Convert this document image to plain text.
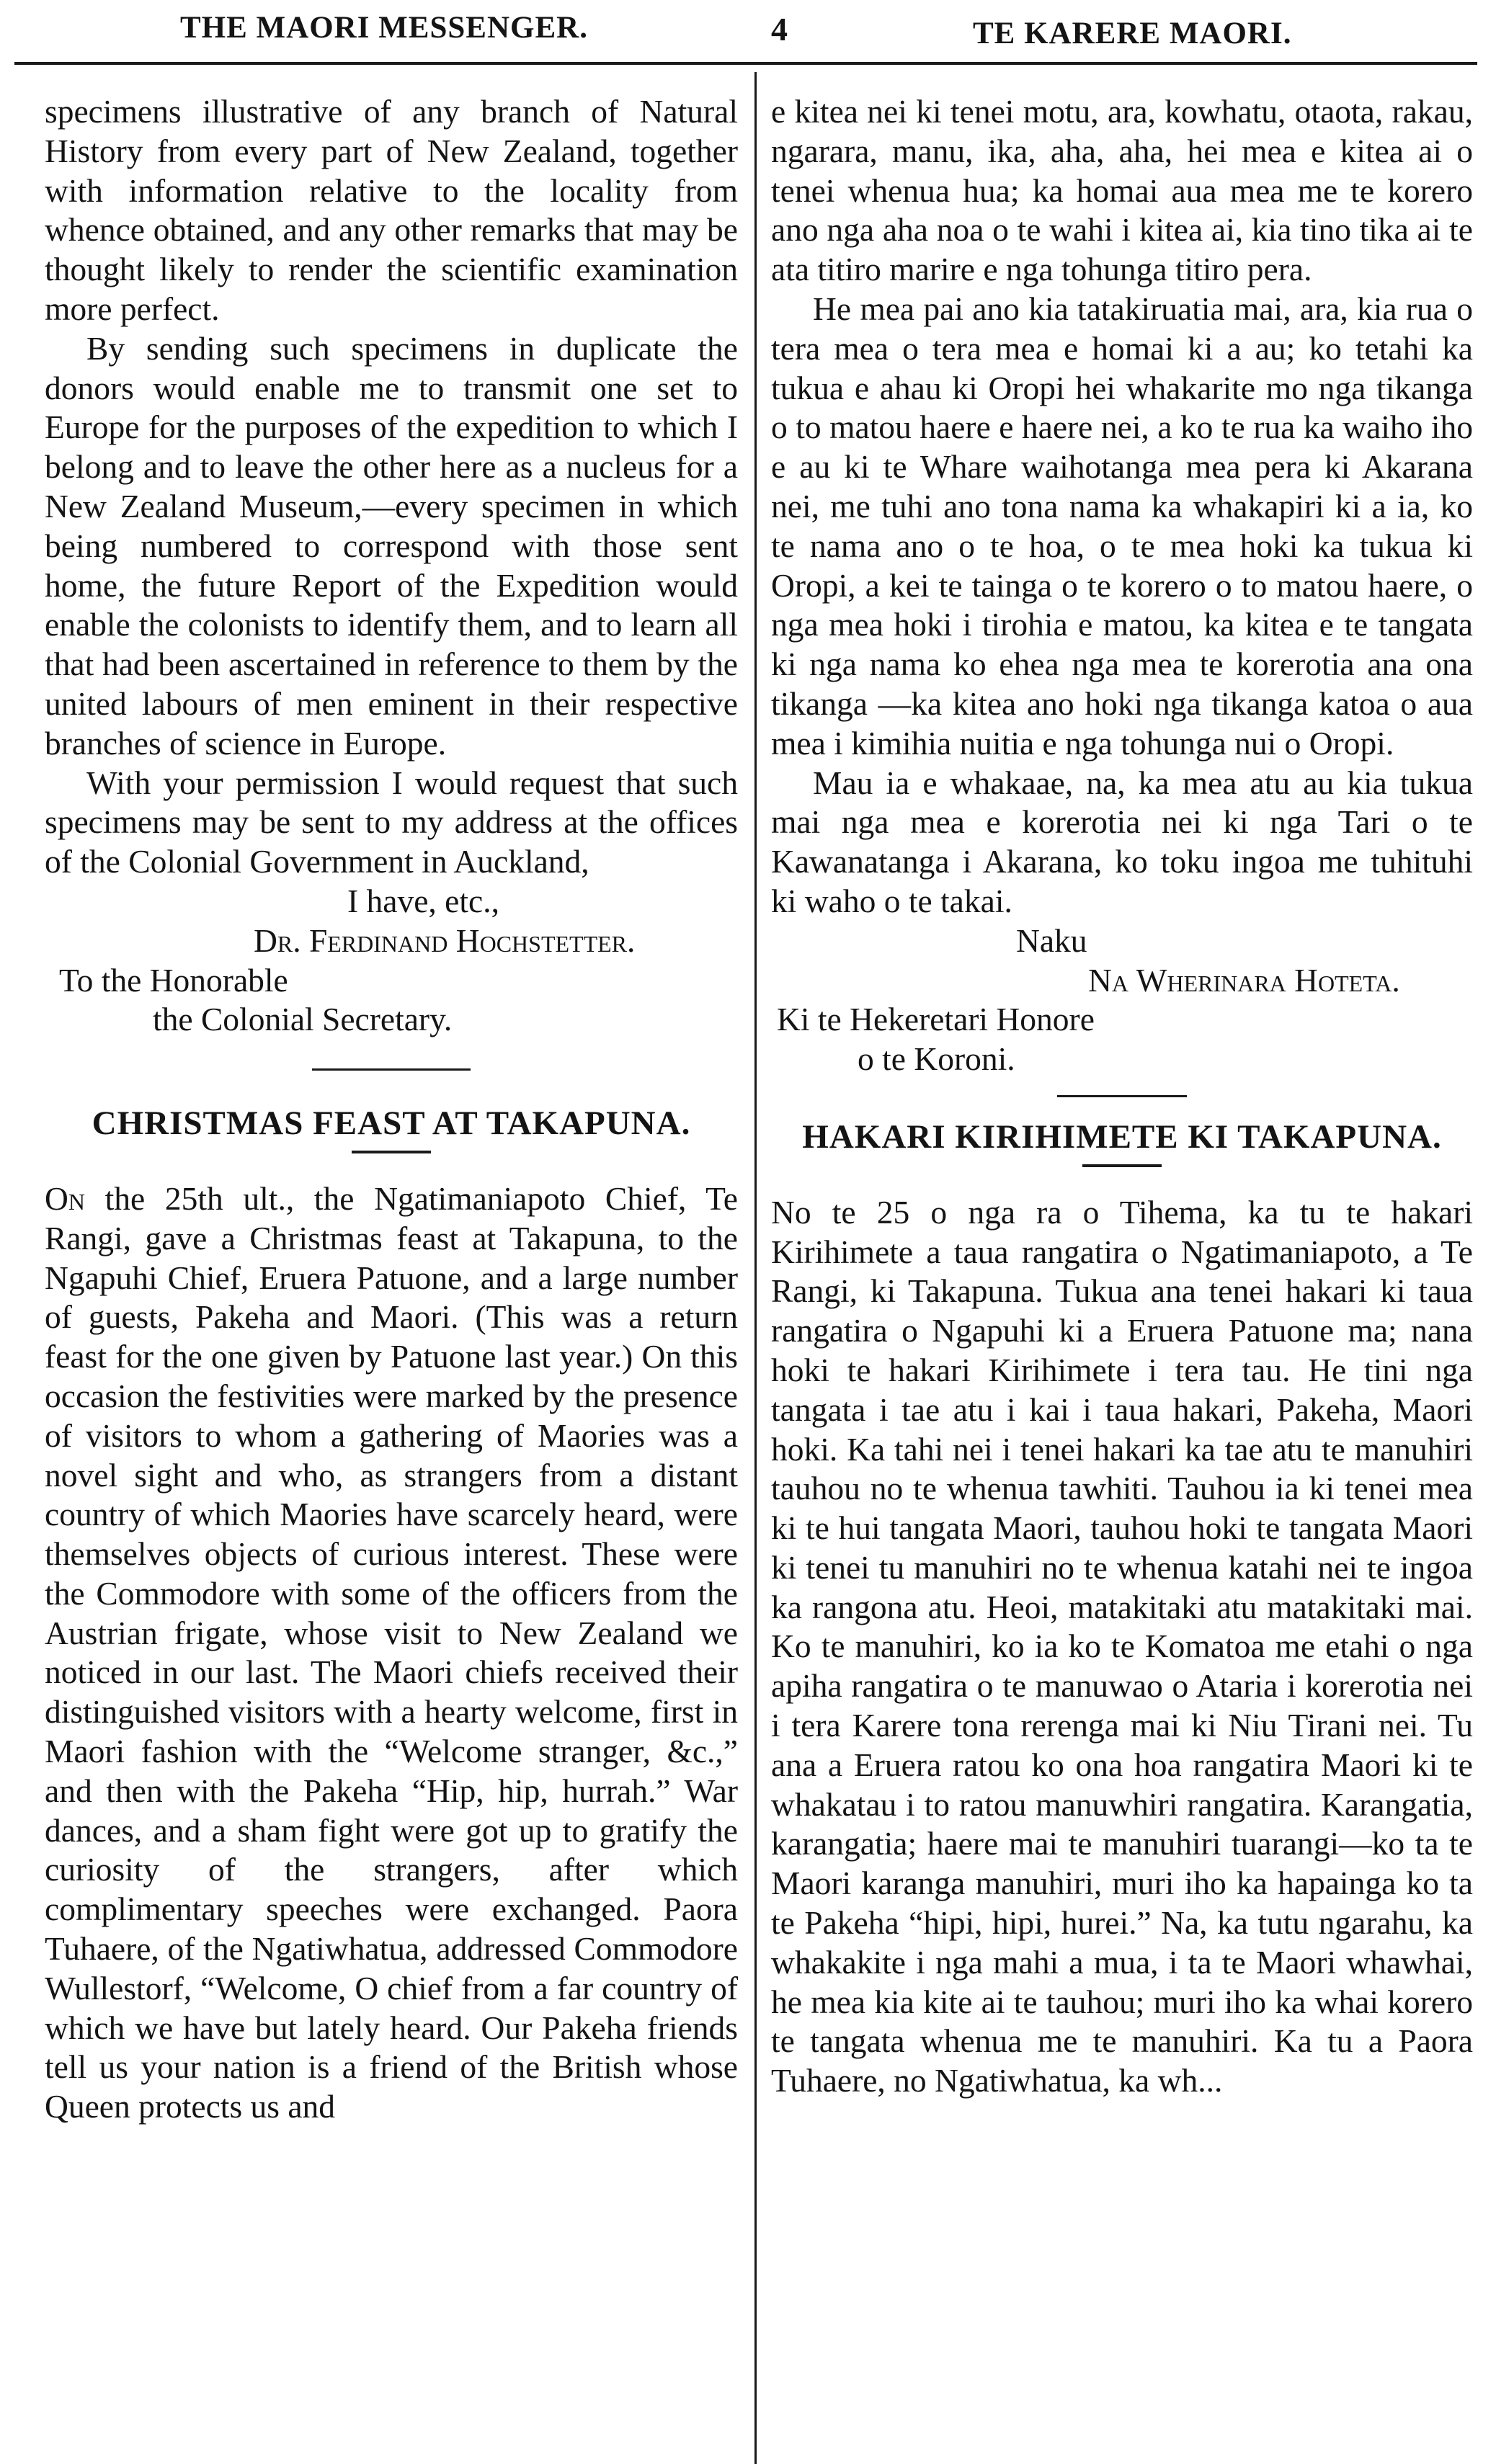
THE MAORI MESSENGER.	4	TE KARERE MAORI.

specimens illustrative of any branch of Natural History from every part of New Zealand, together with information relative to the locality from whence obtained, and any other remarks that may be thought likely to render the scientific examination more perfect.

By sending such specimens in duplicate the donors would enable me to transmit one set to Europe for the purposes of the expedition to which I belong and to leave the other here as a nucleus for a New Zealand Museum,—every specimen in which being numbered to correspond with those sent home, the future Report of the Expedition would enable the colonists to identify them, and to learn all that had been ascertained in reference to them by the united labours of men eminent in their respective branches of science in Europe.

With your permission I would request that such specimens may be sent to my address at the offices of the Colonial Government in Auckland,

I have, etc.,

Dr. Ferdinand Hochstetter.

To the Honorable

the Colonial Secretary.

CHRISTMAS FEAST AT TAKAPUNA.

On the 25th ult., the Ngatimaniapoto Chief, Te Rangi, gave a Christmas feast at Takapuna, to the Ngapuhi Chief, Eruera Patuone, and a large number of guests, Pakeha and Maori. (This was a return feast for the one given by Patuone last year.) On this occasion the festivities were marked by the presence of visitors to whom a gathering of Maories was a novel sight and who, as strangers from a distant country of which Maories have scarcely heard, were themselves objects of curious interest. These were the Commodore with some of the officers from the Austrian frigate, whose visit to New Zealand we noticed in our last. The Maori chiefs received their distinguished visitors with a hearty welcome, first in Maori fashion with the “Welcome stranger, &c.,” and then with the Pakeha “Hip, hip, hurrah.” War dances, and a sham fight were got up to gratify the curiosity of the strangers, after which complimentary speeches were exchanged. Paora Tuhaere, of the Ngatiwhatua, addressed Commodore Wullestorf, “Welcome, O chief from a far country of which we have but lately heard. Our Pakeha friends tell us your nation is a friend of the British whose Queen protects us and

e kitea nei ki tenei motu, ara, kowhatu, otaota, rakau, ngarara, manu, ika, aha, aha, hei mea e kitea ai o tenei whenua hua; ka homai aua mea me te korero ano nga aha noa o te wahi i kitea ai, kia tino tika ai te ata titiro marire e nga tohunga titiro pera.

He mea pai ano kia tatakiruatia mai, ara, kia rua o tera mea o tera mea e homai ki a au; ko tetahi ka tukua e ahau ki Oropi hei whakarite mo nga tikanga o to matou haere e haere nei, a ko te rua ka waiho iho e au ki te Whare waihotanga mea pera ki Akarana nei, me tuhi ano tona nama ka whakapiri ki a ia, ko te nama ano o te hoa, o te mea hoki ka tukua ki Oropi, a kei te tainga o te korero o to matou haere, o nga mea hoki i tirohia e matou, ka kitea e te tangata ki nga nama ko ehea nga mea te korerotia ana ona tikanga —ka kitea ano hoki nga tikanga katoa o aua mea i kimihia nuitia e nga tohunga nui o Oropi.

Mau ia e whakaae, na, ka mea atu au kia tukua mai nga mea e korerotia nei ki nga Tari o te Kawanatanga i Akarana, ko toku ingoa me tuhituhi ki waho o te takai.

Naku

Na Wherinara Hoteta.

Ki te Hekeretari Honore

o te Koroni.

HAKARI KIRIHIMETE KI TAKAPUNA.

No te 25 o nga ra o Tihema, ka tu te hakari Kirihimete a taua rangatira o Ngatimaniapoto, a Te Rangi, ki Takapuna. Tukua ana tenei hakari ki taua rangatira o Ngapuhi ki a Eruera Patuone ma; nana hoki te hakari Kirihimete i tera tau. He tini nga tangata i tae atu i kai i taua hakari, Pakeha, Maori hoki. Ka tahi nei i tenei hakari ka tae atu te manuhiri tauhou no te whenua tawhiti. Tauhou ia ki tenei mea ki te hui tangata Maori, tauhou hoki te tangata Maori ki tenei tu manuhiri no te whenua katahi nei te ingoa ka rangona atu. Heoi, matakitaki atu matakitaki mai. Ko te manuhiri, ko ia ko te Komatoa me etahi o nga apiha rangatira o te manuwao o Ataria i korerotia nei i tera Karere tona rerenga mai ki Niu Tirani nei. Tu ana a Eruera ratou ko ona hoa rangatira Maori ki te whakatau i to ratou manuwhiri rangatira. Karangatia, karangatia; haere mai te manuhiri tuarangi—ko ta te Maori karanga manuhiri, muri iho ka hapainga ko ta te Pakeha “hipi, hipi, hurei.” Na, ka tutu ngarahu, ka whakakite i nga mahi a mua, i ta te Maori whawhai, he mea kia kite ai te tauhou; muri iho ka whai korero te tangata whenua me te manuhiri. Ka tu a Paora Tuhaere, no Ngatiwhatua, ka wh...
